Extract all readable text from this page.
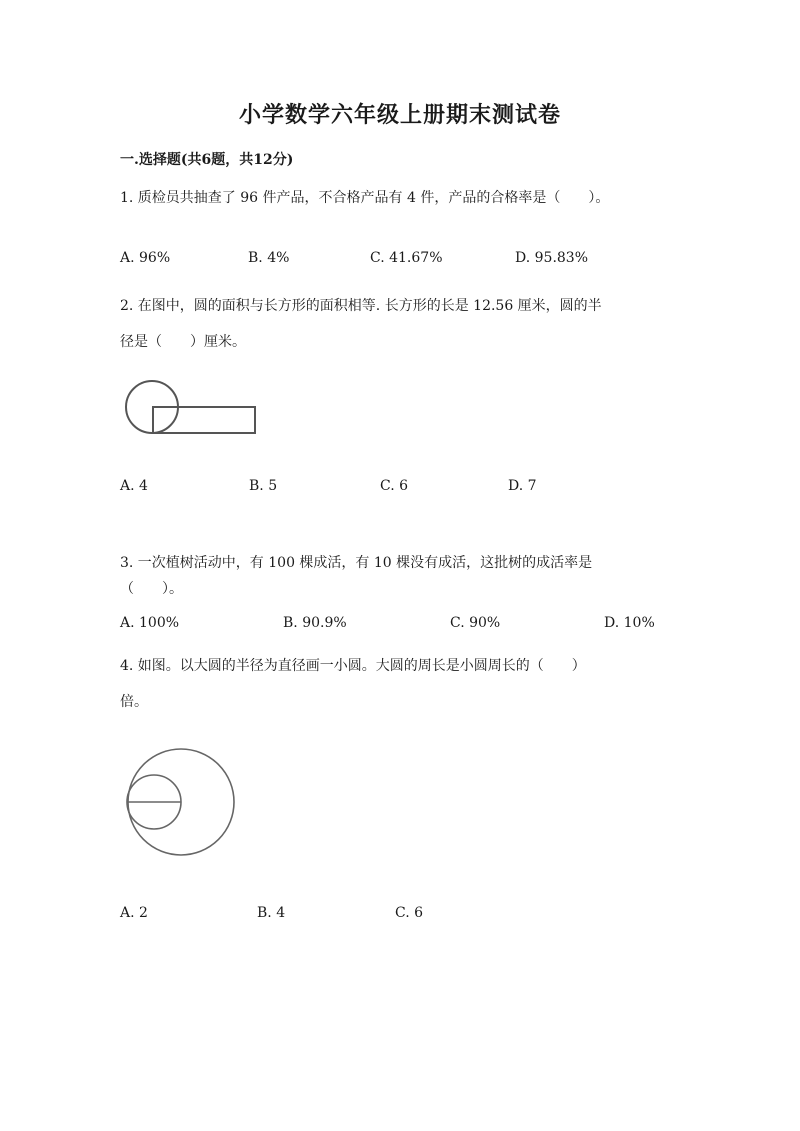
小学数学六年级上册期末测试卷
一.选择题(共6题，共12分)
1. 质检员共抽查了 96 件产品，不合格产品有 4 件，产品的合格率是（　　）。
A. 96%	B. 4%	C. 41.67%	D. 95.83%
2. 在图中，圆的面积与长方形的面积相等. 长方形的长是 12.56 厘米，圆的半
径是（　　）厘米。
A. 4	B. 5	C. 6	D. 7
3. 一次植树活动中，有 100 棵成活，有 10 棵没有成活，这批树的成活率是
（　　）。
A. 100%	B. 90.9%	C. 90%	D. 10%
4. 如图。以大圆的半径为直径画一小圆。大圆的周长是小圆周长的（　　）
倍。
A. 2	B. 4	C. 6
